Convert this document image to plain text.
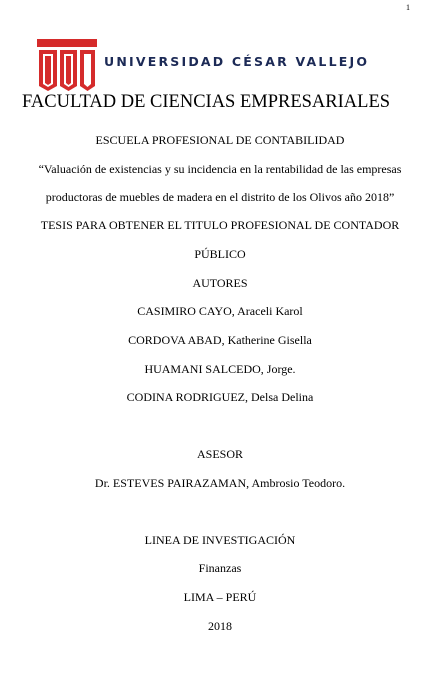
1
UNIVERSIDAD CÉSAR VALLEJO
FACULTAD DE CIENCIAS EMPRESARIALES
ESCUELA PROFESIONAL DE CONTABILIDAD
“Valuación de existencias y su incidencia en la rentabilidad de las empresas
productoras de muebles de madera en el distrito de los Olivos año 2018”
TESIS PARA OBTENER EL TITULO PROFESIONAL DE CONTADOR
PÚBLICO
AUTORES
CASIMIRO CAYO, Araceli Karol
CORDOVA ABAD, Katherine Gisella
HUAMANI SALCEDO, Jorge.
CODINA RODRIGUEZ, Delsa Delina
ASESOR
Dr. ESTEVES PAIRAZAMAN, Ambrosio Teodoro.
LINEA DE INVESTIGACIÓN
Finanzas
LIMA – PERÚ
2018
